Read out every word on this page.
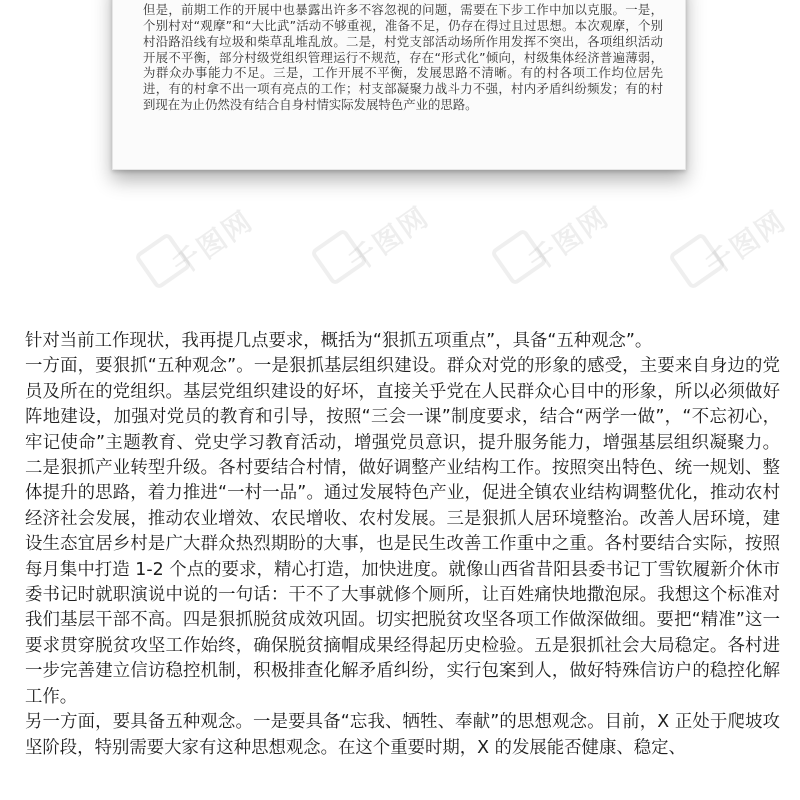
但是，前期工作的开展中也暴露出许多不容忽视的问题，需要在下步工作中加以克服。一是，个别村对“观摩”和“大比武”活动不够重视，准备不足，仍存在得过且过思想。本次观摩，个别村沿路沿线有垃圾和柴草乱堆乱放。二是，村党支部活动场所作用发挥不突出，各项组织活动开展不平衡，部分村级党组织管理运行不规范，存在“形式化”倾向，村级集体经济普遍薄弱，为群众办事能力不足。三是，工作开展不平衡，发展思路不清晰。有的村各项工作均位居先进，有的村拿不出一项有亮点的工作；村支部凝聚力战斗力不强，村内矛盾纠纷频发；有的村到现在为止仍然没有结合自身村情实际发展特色产业的思路。

千图网	千图网
千图网	千图网

针对当前工作现状，我再提几点要求，概括为“狠抓五项重点”，具备“五种观念”。

一方面，要狠抓“五种观念”。一是狠抓基层组织建设。群众对党的形象的感受，主要来自身边的党员及所在的党组织。基层党组织建设的好坏，直接关乎党在人民群众心目中的形象，所以必须做好阵地建设，加强对党员的教育和引导，按照“三会一课”制度要求，结合“两学一做”，“不忘初心，牢记使命”主题教育、党史学习教育活动，增强党员意识，提升服务能力，增强基层组织凝聚力。二是狠抓产业转型升级。各村要结合村情，做好调整产业结构工作。按照突出特色、统一规划、整体提升的思路，着力推进“一村一品”。通过发展特色产业，促进全镇农业结构调整优化，推动农村经济社会发展，推动农业增效、农民增收、农村发展。三是狠抓人居环境整治。改善人居环境，建设生态宜居乡村是广大群众热烈期盼的大事，也是民生改善工作重中之重。各村要结合实际，按照每月集中打造 1-2 个点的要求，精心打造，加快进度。就像山西省昔阳县委书记丁雪钦履新介休市委书记时就职演说中说的一句话：干不了大事就修个厕所，让百姓痛快地撒泡尿。我想这个标准对我们基层干部不高。四是狠抓脱贫成效巩固。切实把脱贫攻坚各项工作做深做细。要把“精准”这一要求贯穿脱贫攻坚工作始终，确保脱贫摘帽成果经得起历史检验。五是狠抓社会大局稳定。各村进一步完善建立信访稳控机制，积极排查化解矛盾纠纷，实行包案到人，做好特殊信访户的稳控化解工作。

另一方面，要具备五种观念。一是要具备“忘我、牺牲、奉献”的思想观念。目前，X 正处于爬坡攻坚阶段，特别需要大家有这种思想观念。在这个重要时期，X 的发展能否健康、稳定、
